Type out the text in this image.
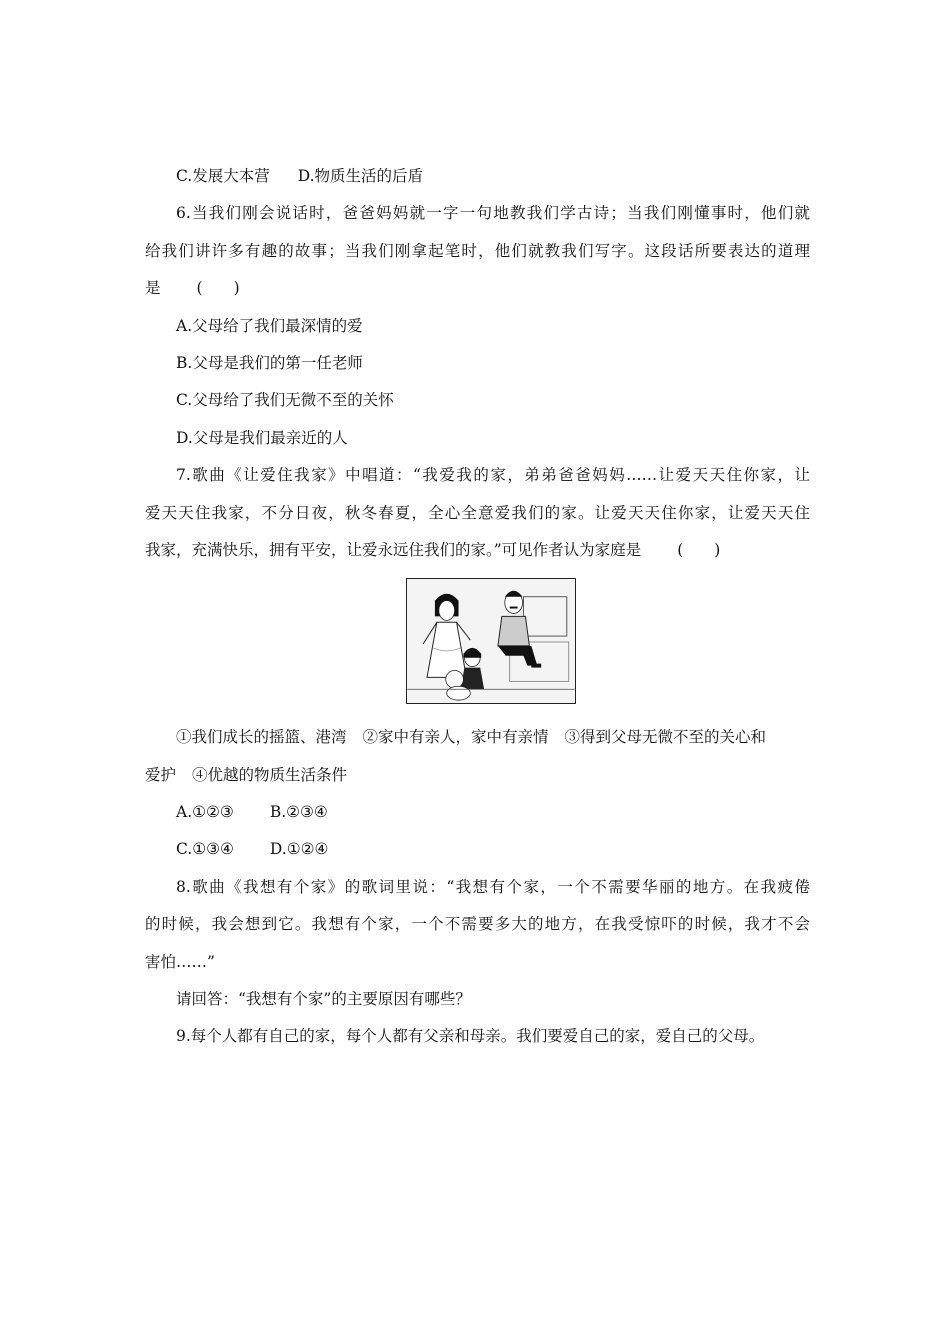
C.发展大本营 D.物质生活的后盾
6.当我们刚会说话时，爸爸妈妈就一字一句地教我们学古诗；当我们刚懂事时，他们就
给我们讲许多有趣的故事；当我们刚拿起笔时，他们就教我们写字。这段话所要表达的道理
是 (　　)
A.父母给了我们最深情的爱
B.父母是我们的第一任老师
C.父母给了我们无微不至的关怀
D.父母是我们最亲近的人
7.歌曲《让爱住我家》中唱道：“我爱我的家，弟弟爸爸妈妈……让爱天天住你家，让
爱天天住我家，不分日夜，秋冬春夏，全心全意爱我们的家。让爱天天住你家，让爱天天住
我家，充满快乐，拥有平安，让爱永远住我们的家。”可见作者认为家庭是 (　　)
①我们成长的摇篮、港湾 ②家中有亲人，家中有亲情 ③得到父母无微不至的关心和
爱护 ④优越的物质生活条件
A.①②③ B.②③④
C.①③④ D.①②④
8.歌曲《我想有个家》的歌词里说：“我想有个家，一个不需要华丽的地方。在我疲倦
的时候，我会想到它。我想有个家，一个不需要多大的地方，在我受惊吓的时候，我才不会
害怕……”
请回答：“我想有个家”的主要原因有哪些？
9.每个人都有自己的家，每个人都有父亲和母亲。我们要爱自己的家，爱自己的父母。
